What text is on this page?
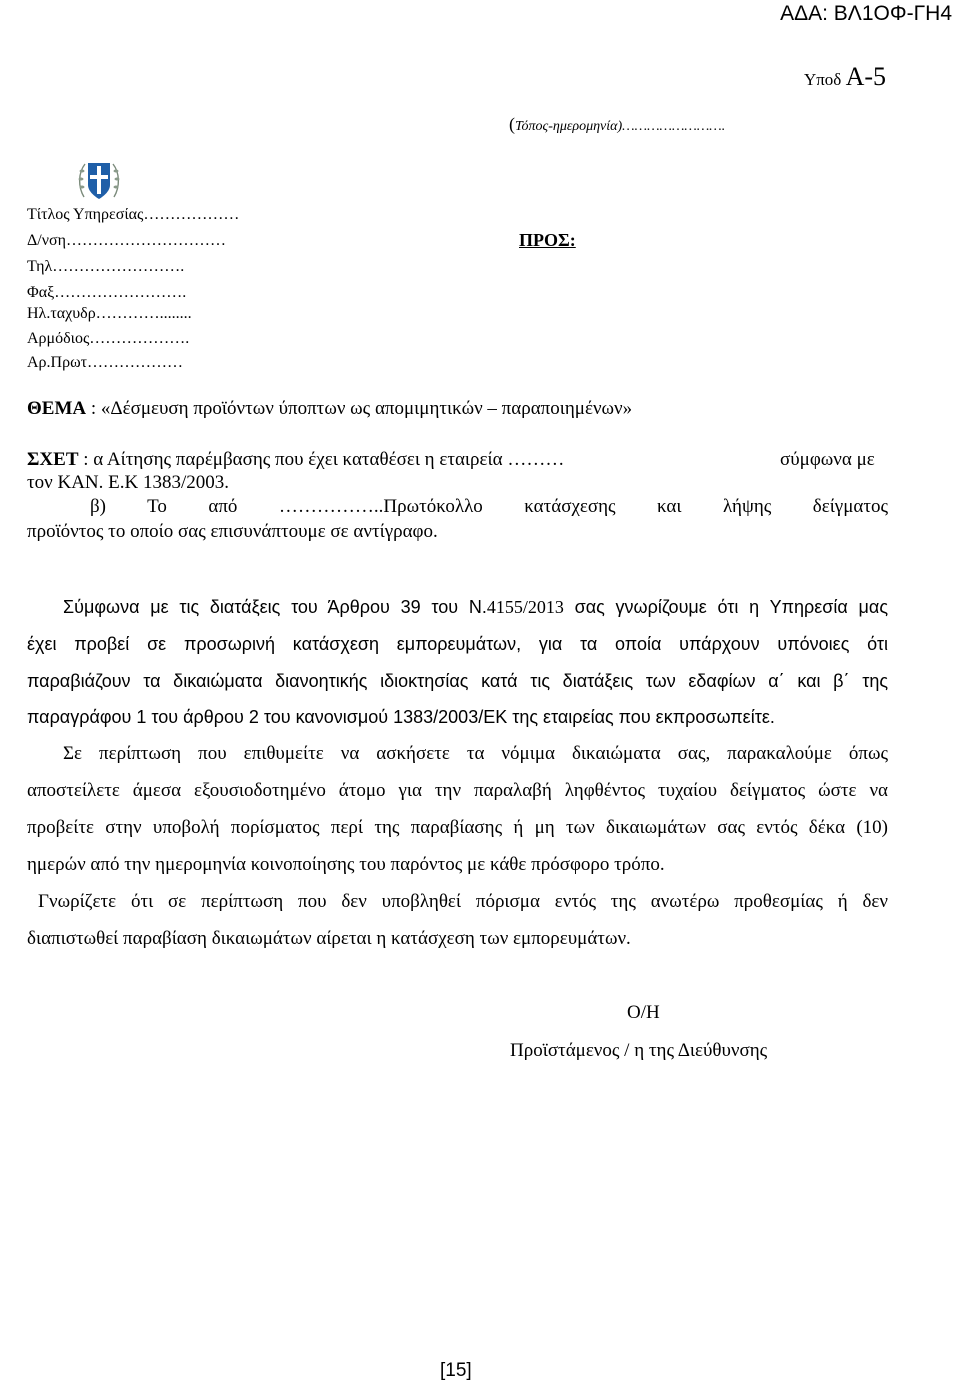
ΑΔΑ: ΒΛ1ΟΦ-ΓΗ4
Υποδ Α-5
(Τόπος-ημερομηνία)…………………….
Τίτλος Υπηρεσίας………………
Δ/νση…………………………
Τηλ…………………….
Φαξ…………………….
Ηλ.ταχυδρ…………........
Αρμόδιος……………….
Αρ.Πρωτ………………
ΠΡΟΣ:
ΘΕΜΑ : «Δέσμευση προϊόντων ύποπτων ως απομιμητικών – παραποιημένων»
ΣΧΕΤ : α Αίτησης παρέμβασης που έχει καταθέσει η εταιρεία ………	σύμφωνα με
τον ΚΑΝ. Ε.Κ 1383/2003.
β) Το από ……………..Πρωτόκολλο κατάσχεσης και λήψης δείγματος
προϊόντος το οποίο σας επισυνάπτουμε σε αντίγραφο.
Σύμφωνα με τις διατάξεις του Άρθρου 39 του Ν.4155/2013 σας γνωρίζουμε ότι η Υπηρεσία μας
έχει προβεί σε προσωρινή κατάσχεση εμπορευμάτων, για τα οποία υπάρχουν υπόνοιες ότι
παραβιάζουν τα δικαιώματα διανοητικής ιδιοκτησίας κατά τις διατάξεις των εδαφίων α΄ και β΄ της
παραγράφου 1 του άρθρου 2 του κανονισμού 1383/2003/ΕΚ της εταιρείας που εκπροσωπείτε.
Σε περίπτωση που επιθυμείτε να ασκήσετε τα νόμιμα δικαιώματα σας, παρακαλούμε όπως
αποστείλετε άμεσα εξουσιοδοτημένο άτομο για την παραλαβή ληφθέντος τυχαίου δείγματος ώστε να
προβείτε στην υποβολή πορίσματος περί της παραβίασης ή μη των δικαιωμάτων σας εντός δέκα (10)
ημερών από την ημερομηνία κοινοποίησης του παρόντος με κάθε πρόσφορο τρόπο.
Γνωρίζετε ότι σε περίπτωση που δεν υποβληθεί πόρισμα εντός της ανωτέρω προθεσμίας ή δεν
διαπιστωθεί παραβίαση δικαιωμάτων αίρεται η κατάσχεση των εμπορευμάτων.
Ο/Η
Προϊστάμενος / η της Διεύθυνσης
[15]
